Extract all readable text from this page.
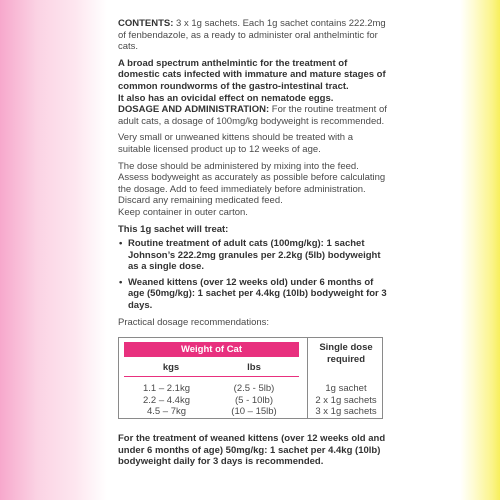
CONTENTS: 3 x 1g sachets. Each 1g sachet contains 222.2mg of fenbendazole, as a ready to administer oral anthelmintic for cats.

A broad spectrum anthelmintic for the treatment of domestic cats infected with immature and mature stages of common roundworms of the gastro-intestinal tract.

It also has an ovicidal effect on nematode eggs.

DOSAGE AND ADMINISTRATION: For the routine treatment of adult cats, a dosage of 100mg/kg bodyweight is recommended.

Very small or unweaned kittens should be treated with a suitable licensed product up to 12 weeks of age.

The dose should be administered by mixing into the feed. Assess bodyweight as accurately as possible before calculating the dosage. Add to feed immediately before administration. Discard any remaining medicated feed.

Keep container in outer carton.

This 1g sachet will treat:

• Routine treatment of adult cats (100mg/kg): 1 sachet Johnson’s 222.2mg granules per 2.2kg (5lb) bodyweight as a single dose.
• Weaned kittens (over 12 weeks old) under 6 months of age (50mg/kg): 1 sachet per 4.4kg (10lb) bodyweight for 3 days.

Practical dosage recommendations:

Weight of Cat
kgs	lbs
Single dose required
1.1 – 2.1kg
2.2 – 4.4kg
4.5 – 7kg
(2.5 - 5lb)
(5 - 10lb)
(10 – 15lb)
1g sachet
2 x 1g sachets
3 x 1g sachets

For the treatment of weaned kittens (over 12 weeks old and under 6 months of age) 50mg/kg: 1 sachet per 4.4kg (10lb) bodyweight daily for 3 days is recommended.
